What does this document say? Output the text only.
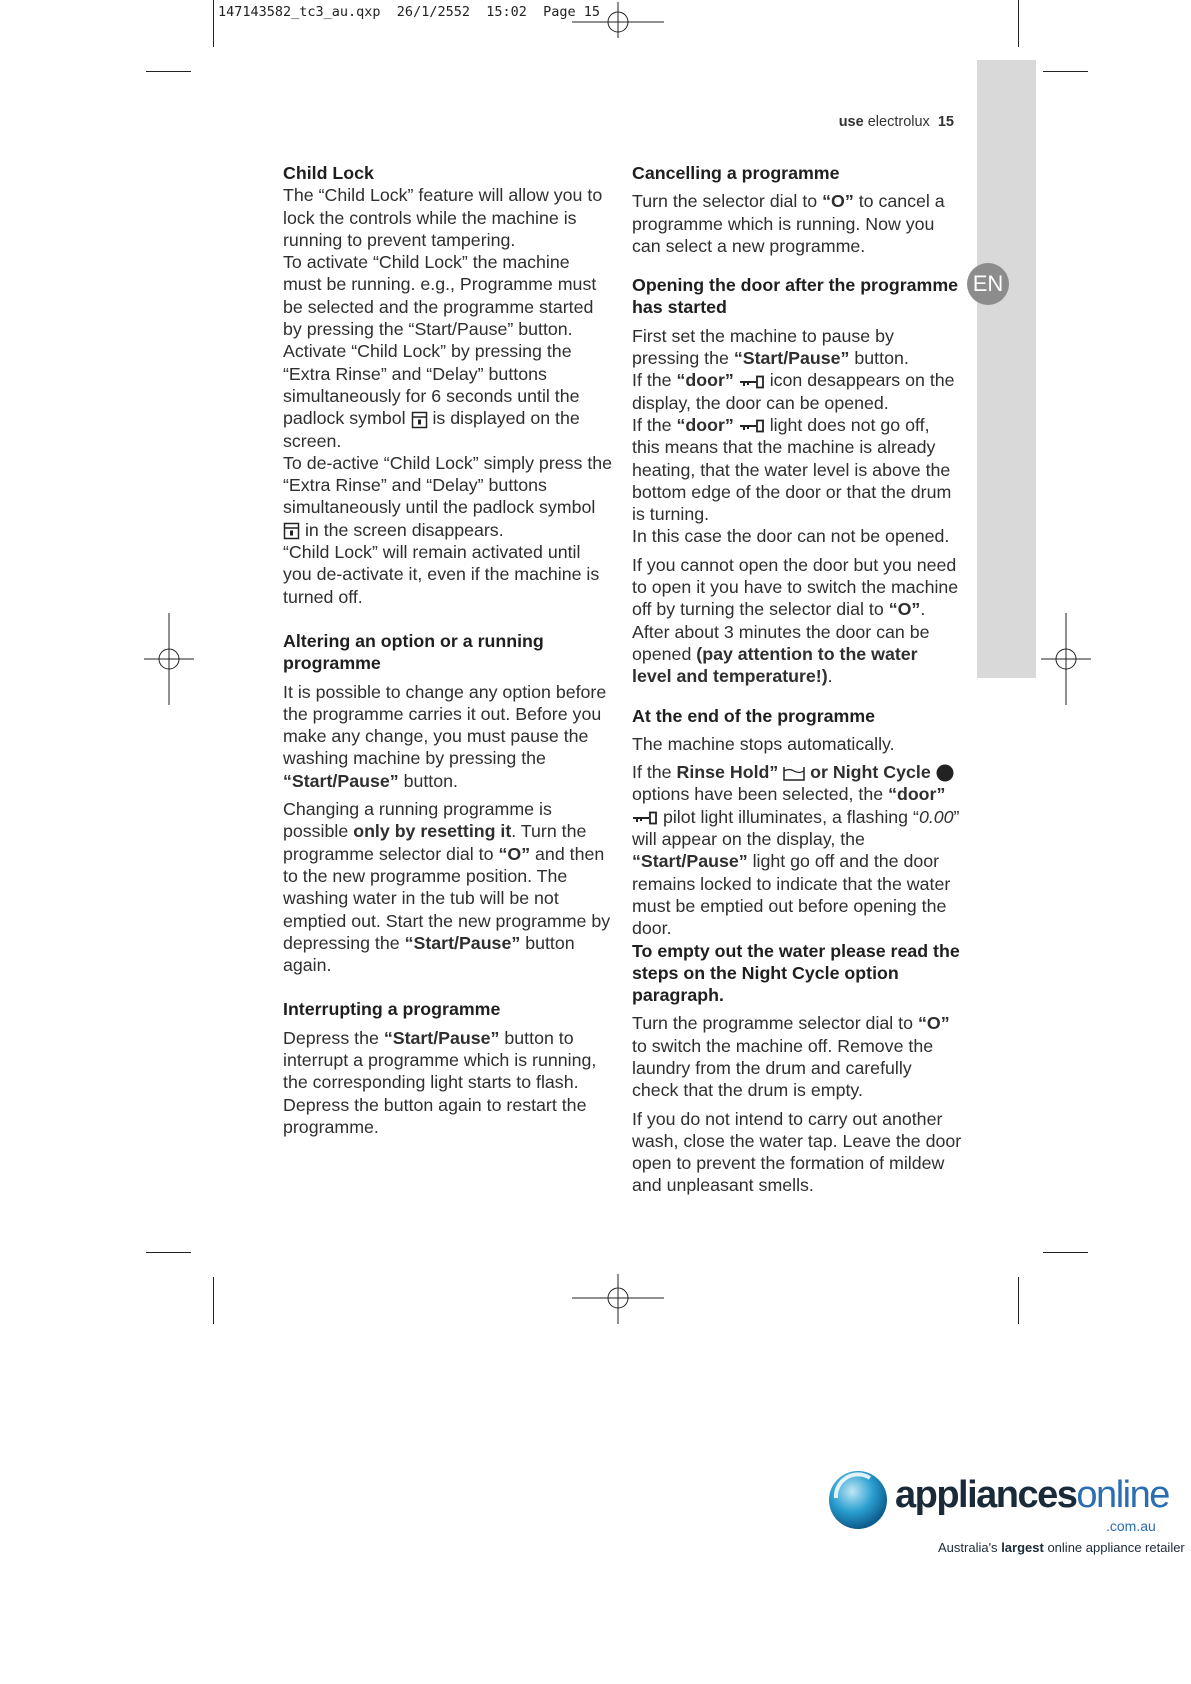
147143582_tc3_au.qxp  26/1/2552  15:02  Page 15
EN
use electrolux 15

Child Lock

The “Child Lock” feature will allow you to lock the controls while the machine is running to prevent tampering.

To activate “Child Lock” the machine must be running. e.g., Programme must be selected and the programme started by pressing the “Start/Pause” button.

Activate “Child Lock” by pressing the “Extra Rinse” and “Delay” buttons simultaneously for 6 seconds until the padlock symbol is displayed on the screen.

To de-active “Child Lock” simply press the “Extra Rinse” and “Delay” buttons simultaneously until the padlock symbol  in the screen disappears.

“Child Lock” will remain activated until you de-activate it, even if the machine is turned off.

Altering an option or a running programme

It is possible to change any option before the programme carries it out. Before you make any change, you must pause the washing machine by pressing the “Start/Pause” button.

Changing a running programme is possible only by resetting it. Turn the programme selector dial to “O” and then to the new programme position. The washing water in the tub will be not emptied out. Start the new programme by depressing the “Start/Pause” button again.

Interrupting a programme

Depress the “Start/Pause” button to interrupt a programme which is running, the corresponding light starts to flash. Depress the button again to restart the programme.

Cancelling a programme

Turn the selector dial to “O” to cancel a programme which is running. Now you can select a new programme.

Opening the door after the programme has started

First set the machine to pause by pressing the “Start/Pause” button.

If the “door” icon desappears on the display, the door can be opened.

If the “door” light does not go off, this means that the machine is already heating, that the water level is above the bottom edge of the door or that the drum is turning.

In this case the door can not be opened.

If you cannot open the door but you need to open it you have to switch the machine off by turning the selector dial to “O”. After about 3 minutes the door can be opened (pay attention to the water level and temperature!).

At the end of the programme

The machine stops automatically.

If the Rinse Hold” or Night Cycle  options have been selected, the “door”  pilot light illuminates, a flashing “0.00” will appear on the display, the “Start/Pause” light go off and the door remains locked to indicate that the water must be emptied out before opening the door.

To empty out the water please read the steps on the Night Cycle option paragraph.

Turn the programme selector dial to “O” to switch the machine off. Remove the laundry from the drum and carefully check that the drum is empty.

If you do not intend to carry out another wash, close the water tap. Leave the door open to prevent the formation of mildew and unpleasant smells.

appliancesonline
.com.au
Australia's largest online appliance retailer
